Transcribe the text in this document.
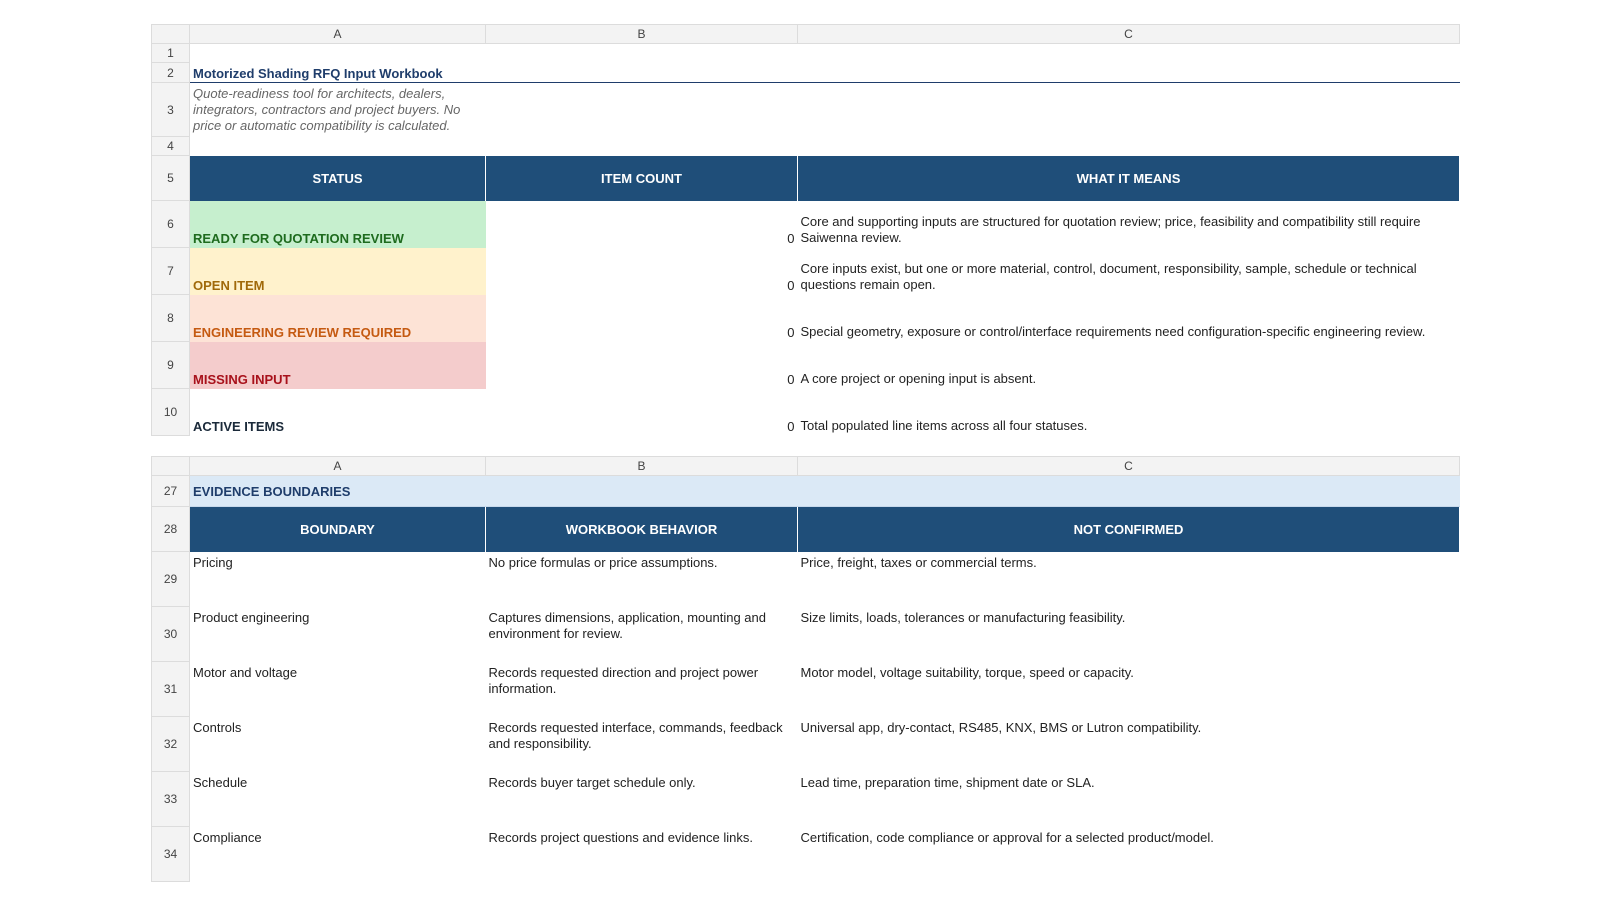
	A	B	C
1			
2	Motorized Shading RFQ Input Workbook		
3	Quote-readiness tool for architects, dealers, integrators, contractors and project buyers. No price or automatic compatibility is calculated.		
4			
5	STATUS	ITEM COUNT	WHAT IT MEANS
6	READY FOR QUOTATION REVIEW	0	Core and supporting inputs are structured for quotation review; price, feasibility and compatibility still require Saiwenna review.
7	OPEN ITEM	0	Core inputs exist, but one or more material, control, document, responsibility, sample, schedule or technical questions remain open.
8	ENGINEERING REVIEW REQUIRED	0	Special geometry, exposure or control/interface requirements need configuration-specific engineering review.
9	MISSING INPUT	0	A core project or opening input is absent.
10	ACTIVE ITEMS	0	Total populated line items across all four statuses.
	A	B	C
27	EVIDENCE BOUNDARIES		
28	BOUNDARY	WORKBOOK BEHAVIOR	NOT CONFIRMED
29	Pricing	No price formulas or price assumptions.	Price, freight, taxes or commercial terms.
30	Product engineering	Captures dimensions, application, mounting and environment for review.	Size limits, loads, tolerances or manufacturing feasibility.
31	Motor and voltage	Records requested direction and project power information.	Motor model, voltage suitability, torque, speed or capacity.
32	Controls	Records requested interface, commands, feedback and responsibility.	Universal app, dry-contact, RS485, KNX, BMS or Lutron compatibility.
33	Schedule	Records buyer target schedule only.	Lead time, preparation time, shipment date or SLA.
34	Compliance	Records project questions and evidence links.	Certification, code compliance or approval for a selected product/model.
